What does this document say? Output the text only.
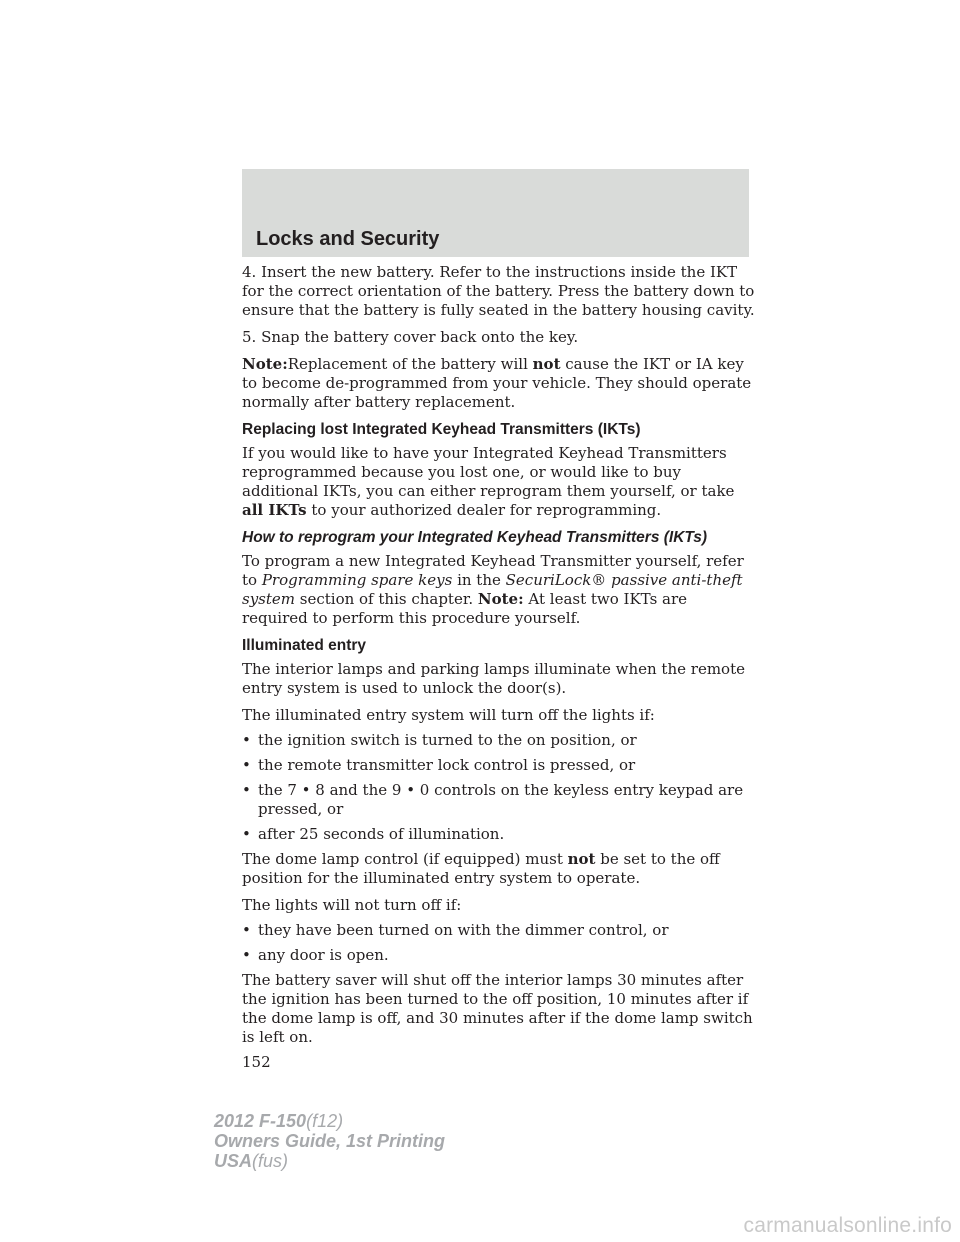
Locks and Security

4. Insert the new battery. Refer to the instructions inside the IKT for the correct orientation of the battery. Press the battery down to ensure that the battery is fully seated in the battery housing cavity.

5. Snap the battery cover back onto the key.

Note:Replacement of the battery will not cause the IKT or IA key to become de-programmed from your vehicle. They should operate normally after battery replacement.

Replacing lost Integrated Keyhead Transmitters (IKTs)

If you would like to have your Integrated Keyhead Transmitters reprogrammed because you lost one, or would like to buy additional IKTs, you can either reprogram them yourself, or take all IKTs to your authorized dealer for reprogramming.

How to reprogram your Integrated Keyhead Transmitters (IKTs)

To program a new Integrated Keyhead Transmitter yourself, refer to Programming spare keys in the SecuriLock® passive anti-theft system section of this chapter. Note: At least two IKTs are required to perform this procedure yourself.

Illuminated entry

The interior lamps and parking lamps illuminate when the remote entry system is used to unlock the door(s).

The illuminated entry system will turn off the lights if:

• the ignition switch is turned to the on position, or
• the remote transmitter lock control is pressed, or
• the 7 • 8 and the 9 • 0 controls on the keyless entry keypad are pressed, or
• after 25 seconds of illumination.

The dome lamp control (if equipped) must not be set to the off position for the illuminated entry system to operate.

The lights will not turn off if:

• they have been turned on with the dimmer control, or
• any door is open.

The battery saver will shut off the interior lamps 30 minutes after the ignition has been turned to the off position, 10 minutes after if the dome lamp is off, and 30 minutes after if the dome lamp switch is left on.

152
2012 F-150(f12)
Owners Guide, 1st Printing
USA(fus)
carmanualsonline.info
